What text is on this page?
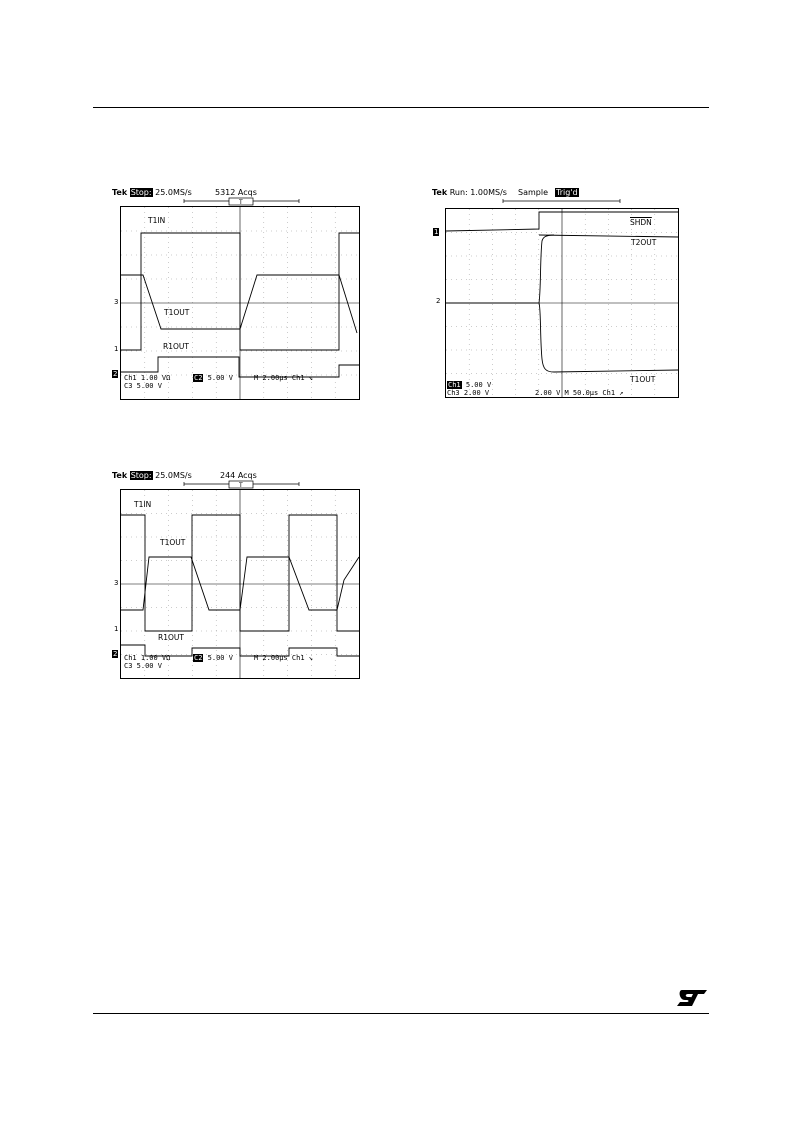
Tek Stop: 25.0MS/s	5312 Acqs
T
T1IN
T1OUT
R1OUT
3
1
2 Ch1 1.00 VΩ	C2 5.00 V	M 2.00μs Ch1 ↘
C3 5.00 V
Tek Run: 1.00MS/s Sample Trig'd
SHDN
T2OUT
T1OUT
1
2
Ch1 5.00 V
Ch3 2.00 V	2.00 V M 50.0μs Ch1 ↗
Tek Stop: 25.0MS/s	244 Acqs
T
T1IN
T1OUT
R1OUT
3
1
2 Ch1 1.00 VΩ	C2 5.00 V	M 2.00μs Ch1 ↘
C3 5.00 V
